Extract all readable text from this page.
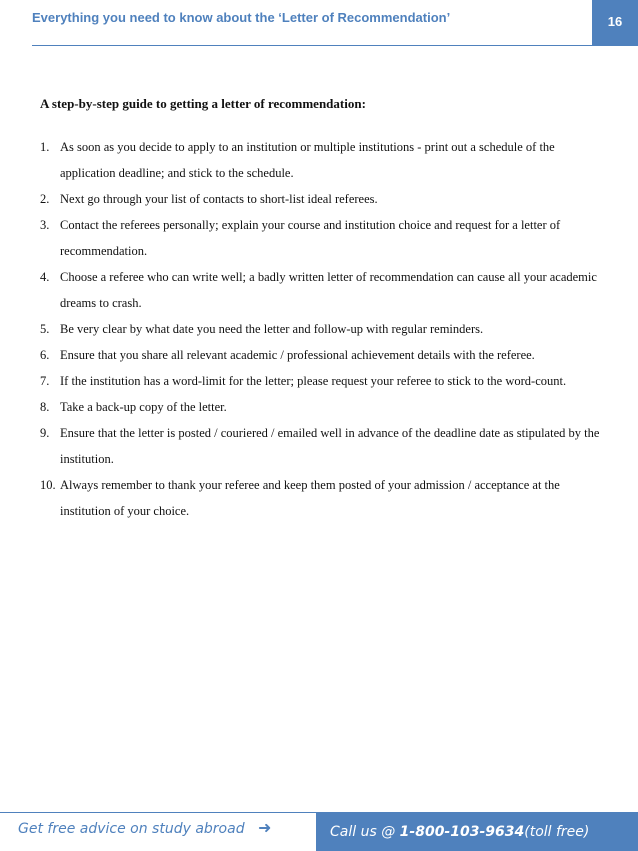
Everything you need to know about the ‘Letter of Recommendation’	16
A step-by-step guide to getting a letter of recommendation:
1. As soon as you decide to apply to an institution or multiple institutions - print out a schedule of the application deadline; and stick to the schedule.
2. Next go through your list of contacts to short-list ideal referees.
3. Contact the referees personally; explain your course and institution choice and request for a letter of recommendation.
4. Choose a referee who can write well; a badly written letter of recommendation can cause all your academic dreams to crash.
5. Be very clear by what date you need the letter and follow-up with regular reminders.
6. Ensure that you share all relevant academic / professional achievement details with the referee.
7. If the institution has a word-limit for the letter; please request your referee to stick to the word-count.
8. Take a back-up copy of the letter.
9. Ensure that the letter is posted / couriered / emailed well in advance of the deadline date as stipulated by the institution.
10. Always remember to thank your referee and keep them posted of your admission / acceptance at the institution of your choice.
Get free advice on study abroad ➜	Call us @
1-800-103-9634 (toll free)
